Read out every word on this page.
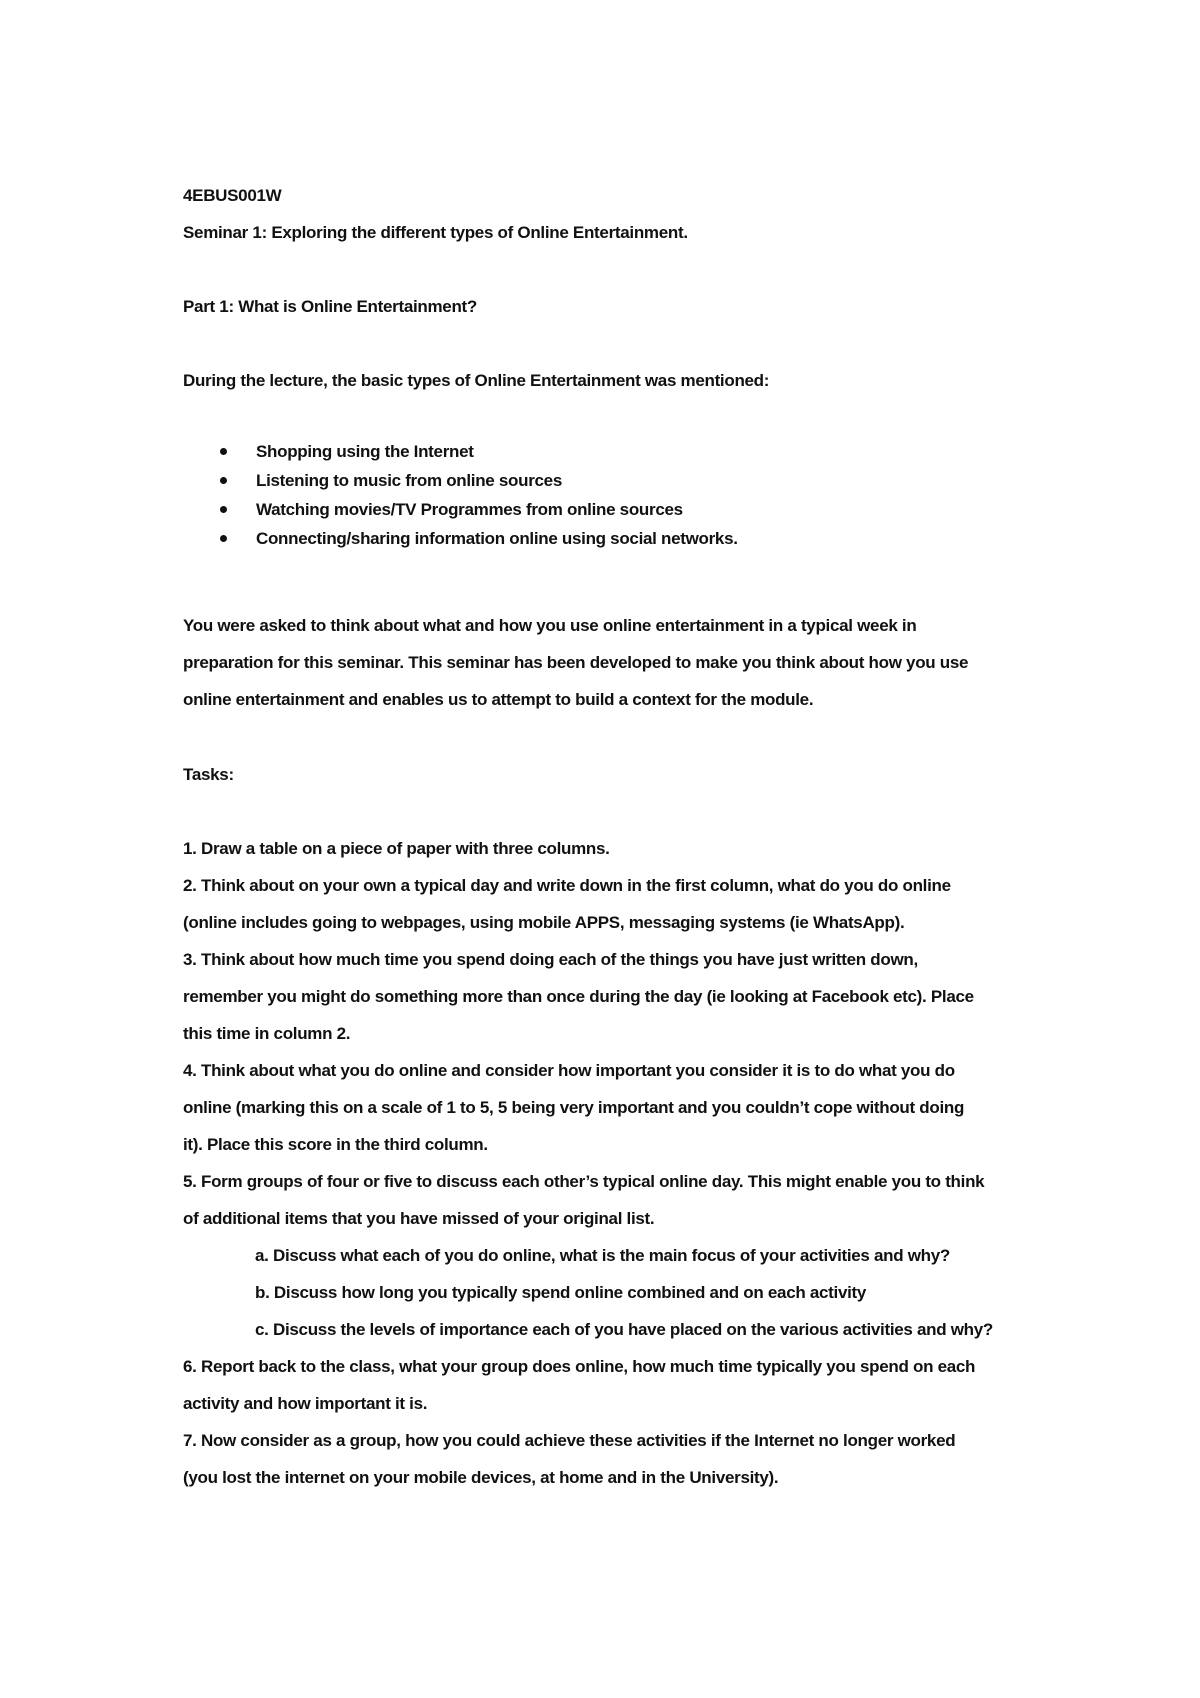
4EBUS001W
Seminar 1: Exploring the different types of Online Entertainment.
Part 1: What is Online Entertainment?
During the lecture, the basic types of Online Entertainment was mentioned:
Shopping using the Internet
Listening to music from online sources
Watching movies/TV Programmes from online sources
Connecting/sharing information online using social networks.
You were asked to think about what and how you use online entertainment in a typical week in
preparation for this seminar. This seminar has been developed to make you think about how you use
online entertainment and enables us to attempt to build a context for the module.
Tasks:
1. Draw a table on a piece of paper with three columns.
2. Think about on your own a typical day and write down in the first column, what do you do online
(online includes going to webpages, using mobile APPS, messaging systems (ie WhatsApp).
3. Think about how much time you spend doing each of the things you have just written down,
remember you might do something more than once during the day (ie looking at Facebook etc). Place
this time in column 2.
4. Think about what you do online and consider how important you consider it is to do what you do
online (marking this on a scale of 1 to 5, 5 being very important and you couldn’t cope without doing
it). Place this score in the third column.
5. Form groups of four or five to discuss each other’s typical online day. This might enable you to think
of additional items that you have missed of your original list.
a. Discuss what each of you do online, what is the main focus of your activities and why?
b. Discuss how long you typically spend online combined and on each activity
c. Discuss the levels of importance each of you have placed on the various activities and why?
6. Report back to the class, what your group does online, how much time typically you spend on each
activity and how important it is.
7. Now consider as a group, how you could achieve these activities if the Internet no longer worked
(you lost the internet on your mobile devices, at home and in the University).
